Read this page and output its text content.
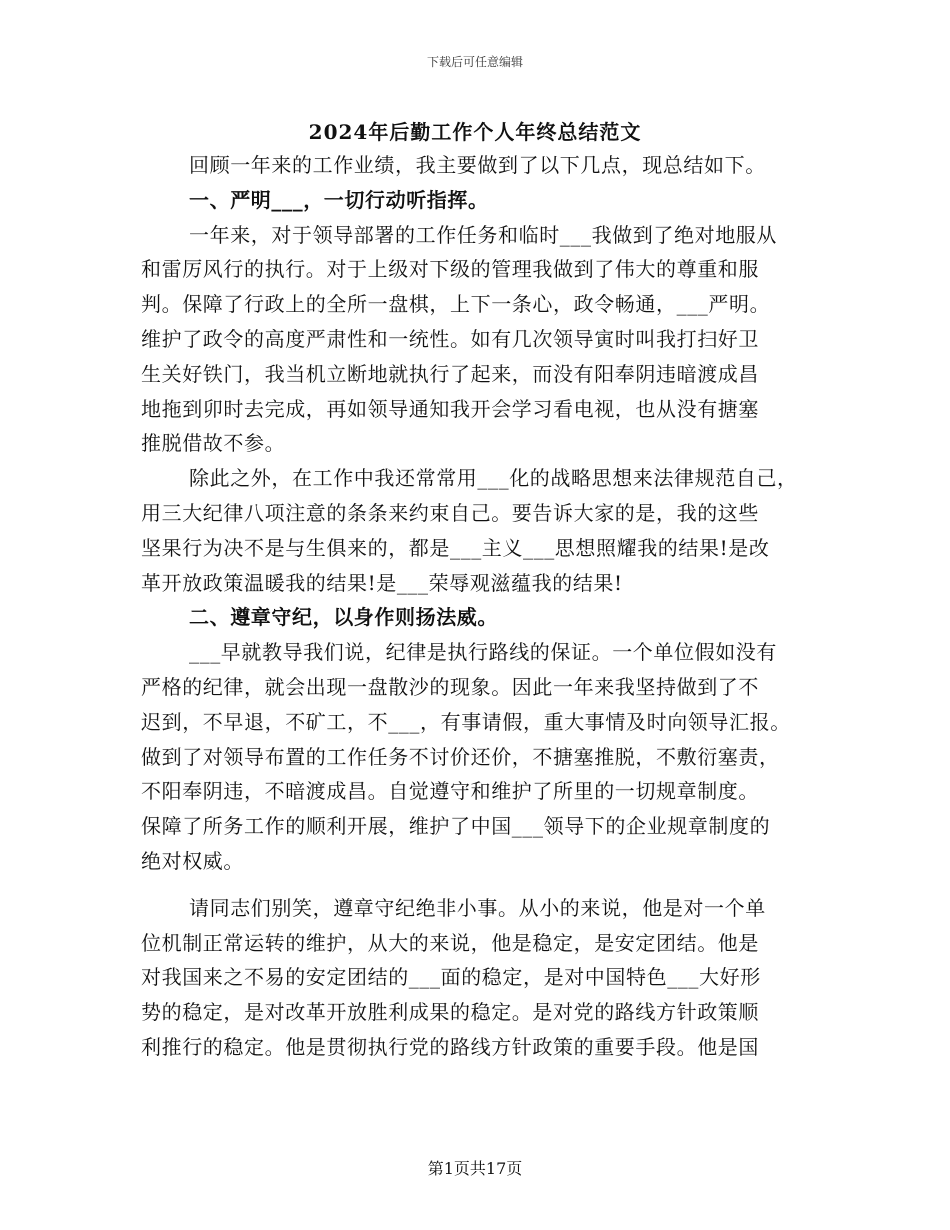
下载后可任意编辑
2024年后勤工作个人年终总结范文
回顾一年来的工作业绩，我主要做到了以下几点，现总结如下。
一、严明___，一切行动听指挥。
一年来，对于领导部署的工作任务和临时___我做到了绝对地服从
和雷厉风行的执行。对于上级对下级的管理我做到了伟大的尊重和服
判。保障了行政上的全所一盘棋，上下一条心，政令畅通，___严明。
维护了政令的高度严肃性和一统性。如有几次领导寅时叫我打扫好卫
生关好铁门，我当机立断地就执行了起来，而没有阳奉阴违暗渡成昌
地拖到卯时去完成，再如领导通知我开会学习看电视，也从没有搪塞
推脱借故不参。
除此之外，在工作中我还常常用___化的战略思想来法律规范自己，
用三大纪律八项注意的条条来约束自己。要告诉大家的是，我的这些
坚果行为决不是与生俱来的，都是___主义___思想照耀我的结果!是改
革开放政策温暖我的结果!是___荣辱观滋蕴我的结果!
二、遵章守纪，以身作则扬法威。
___早就教导我们说，纪律是执行路线的保证。一个单位假如没有
严格的纪律，就会出现一盘散沙的现象。因此一年来我坚持做到了不
迟到，不早退，不矿工，不___，有事请假，重大事情及时向领导汇报。
做到了对领导布置的工作任务不讨价还价，不搪塞推脱，不敷衍塞责，
不阳奉阴违，不暗渡成昌。自觉遵守和维护了所里的一切规章制度。
保障了所务工作的顺利开展，维护了中国___领导下的企业规章制度的
绝对权威。
请同志们别笑，遵章守纪绝非小事。从小的来说，他是对一个单
位机制正常运转的维护，从大的来说，他是稳定，是安定团结。他是
对我国来之不易的安定团结的___面的稳定，是对中国特色___大好形
势的稳定，是对改革开放胜利成果的稳定。是对党的路线方针政策顺
利推行的稳定。他是贯彻执行党的路线方针政策的重要手段。他是国
第1页共17页
